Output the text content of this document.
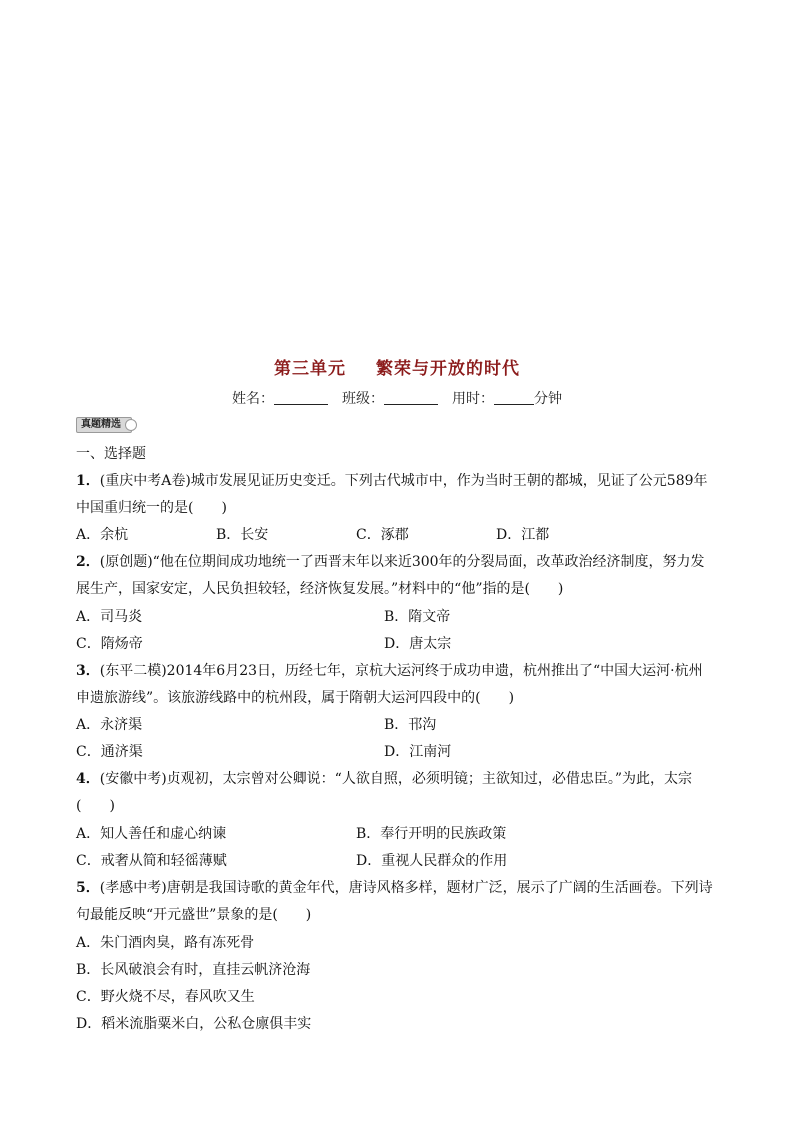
第三单元 繁荣与开放的时代
姓名：	班级：	用时：	分钟
真题精选
一、选择题
1．(重庆中考A卷)城市发展见证历史变迁。下列古代城市中，作为当时王朝的都城，见证了公元589年
中国重归统一的是(　　)
A．余杭	B．长安	C．涿郡	D．江都
2．(原创题)“他在位期间成功地统一了西晋末年以来近300年的分裂局面，改革政治经济制度，努力发
展生产，国家安定，人民负担较轻，经济恢复发展。”材料中的“他”指的是(　　)
A．司马炎	B．隋文帝
C．隋炀帝	D．唐太宗
3．(东平二模)2014年6月23日，历经七年，京杭大运河终于成功申遗，杭州推出了“中国大运河·杭州
申遗旅游线”。该旅游线路中的杭州段，属于隋朝大运河四段中的(　　)
A．永济渠	B．邗沟
C．通济渠	D．江南河
4．(安徽中考)贞观初，太宗曾对公卿说：“人欲自照，必须明镜；主欲知过，必借忠臣。”为此，太宗
(　　)
A．知人善任和虚心纳谏	B．奉行开明的民族政策
C．戒奢从简和轻徭薄赋	D．重视人民群众的作用
5．(孝感中考)唐朝是我国诗歌的黄金年代，唐诗风格多样，题材广泛，展示了广阔的生活画卷。下列诗
句最能反映“开元盛世”景象的是(　　)
A．朱门酒肉臭，路有冻死骨
B．长风破浪会有时，直挂云帆济沧海
C．野火烧不尽，春风吹又生
D．稻米流脂粟米白，公私仓廪俱丰实
